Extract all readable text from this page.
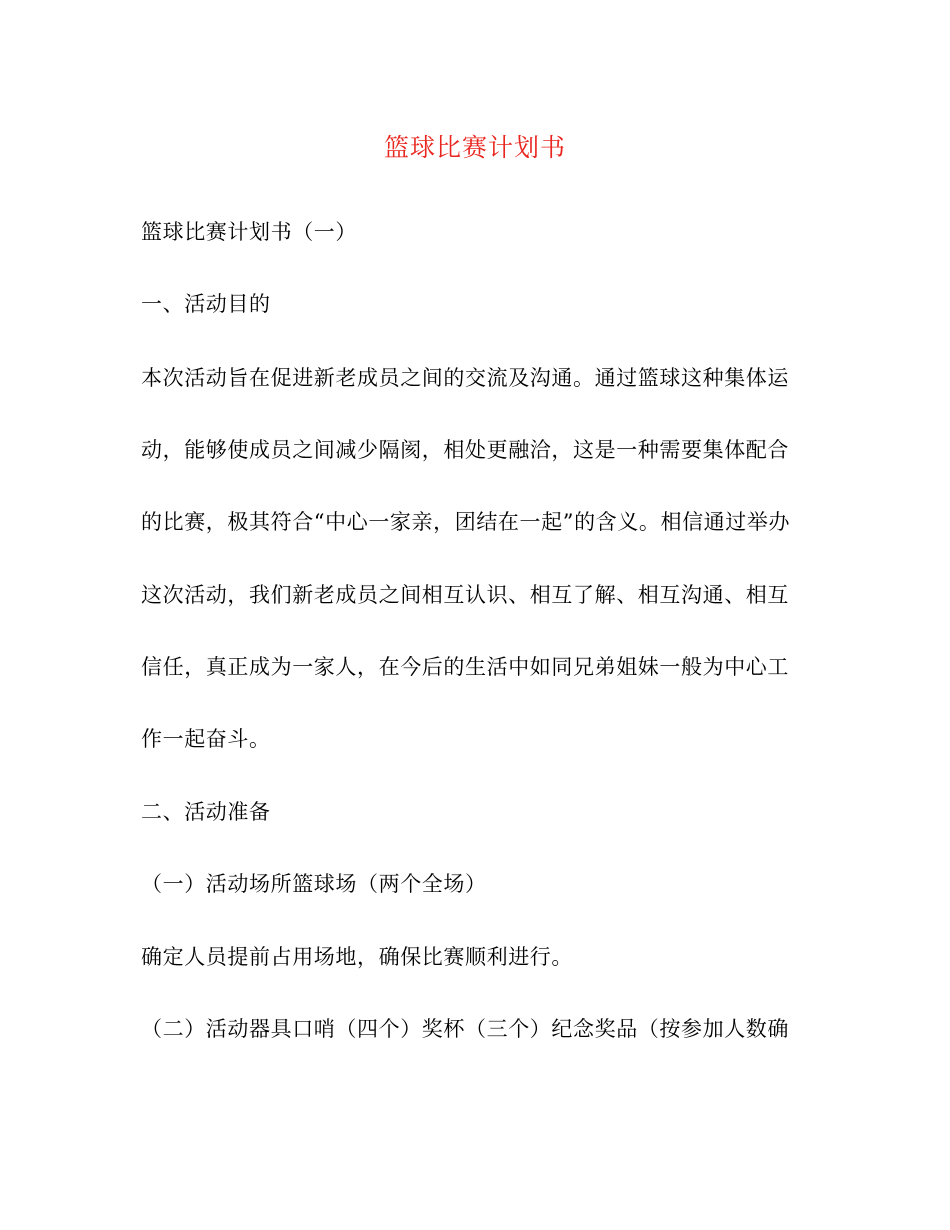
篮球比赛计划书
篮球比赛计划书（一）
一、活动目的
本次活动旨在促进新老成员之间的交流及沟通。通过篮球这种集体运
动，能够使成员之间减少隔阂，相处更融洽，这是一种需要集体配合
的比赛，极其符合“中心一家亲，团结在一起”的含义。相信通过举办
这次活动，我们新老成员之间相互认识、相互了解、相互沟通、相互
信任，真正成为一家人，在今后的生活中如同兄弟姐妹一般为中心工
作一起奋斗。
二、活动准备
（一）活动场所篮球场（两个全场）
确定人员提前占用场地，确保比赛顺利进行。
（二）活动器具口哨（四个）奖杯（三个）纪念奖品（按参加人数确
